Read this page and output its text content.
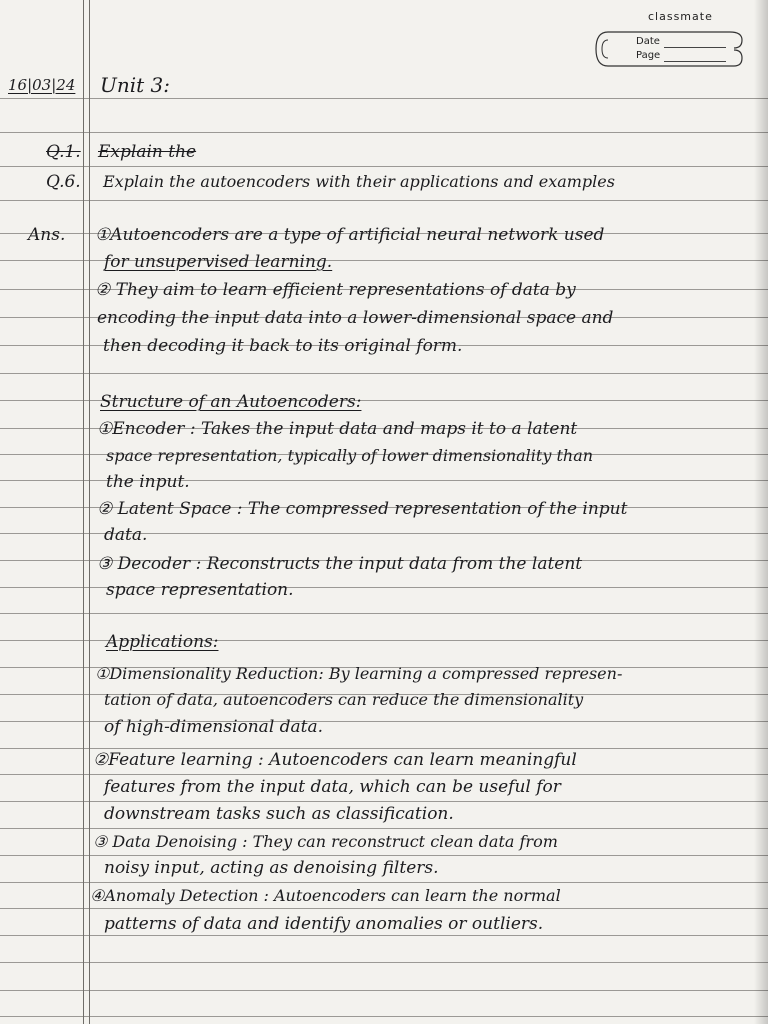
classmate
Date
Page
16|03|24 Unit 3:
Q.1. Explain the
Q.6. Explain the autoencoders with their applications and examples
Ans. ①Autoencoders are a type of artificial neural network used
for unsupervised learning.
② They aim to learn efficient representations of data by
encoding the input data into a lower-dimensional space and
then decoding it back to its original form.
Structure of an Autoencoders:
①Encoder : Takes the input data and maps it to a latent
space representation, typically of lower dimensionality than
the input.
② Latent Space : The compressed representation of the input
data.
③ Decoder : Reconstructs the input data from the latent
space representation.
Applications:
①Dimensionality Reduction: By learning a compressed represen-
tation of data, autoencoders can reduce the dimensionality
of high-dimensional data.
②Feature learning : Autoencoders can learn meaningful
features from the input data, which can be useful for
downstream tasks such as classification.
③ Data Denoising : They can reconstruct clean data from
noisy input, acting as denoising filters.
④Anomaly Detection : Autoencoders can learn the normal
patterns of data and identify anomalies or outliers.
